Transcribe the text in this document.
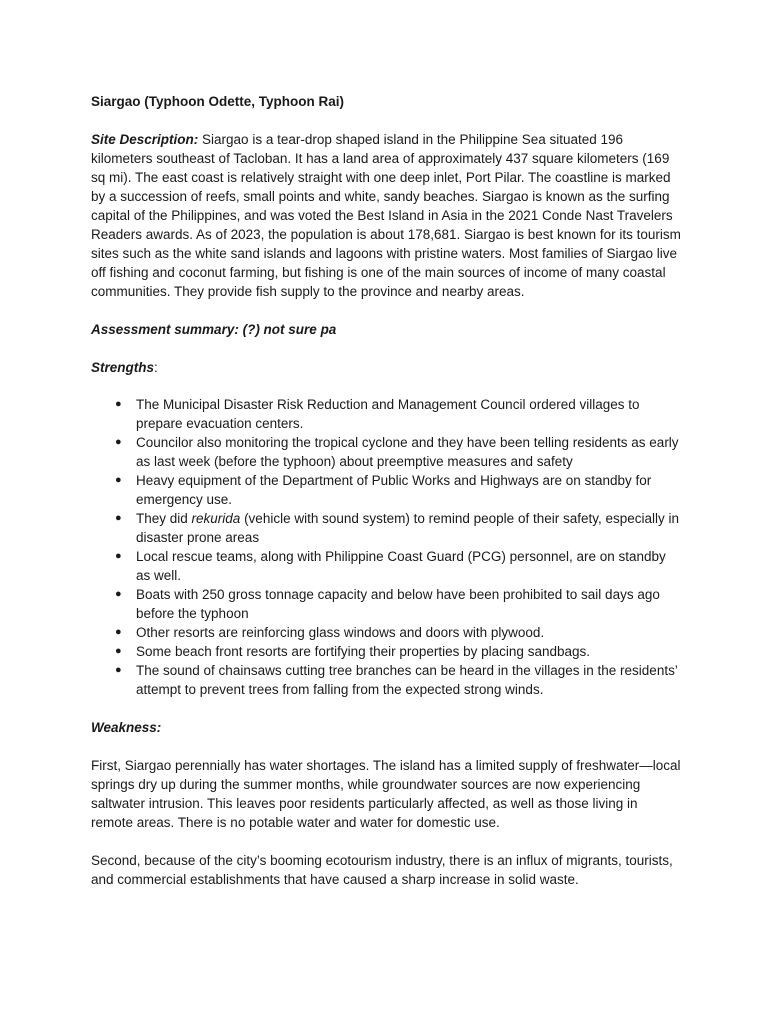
Siargao (Typhoon Odette, Typhoon Rai)

Site Description: Siargao is a tear-drop shaped island in the Philippine Sea situated 196 kilometers southeast of Tacloban. It has a land area of approximately 437 square kilometers (169 sq mi). The east coast is relatively straight with one deep inlet, Port Pilar. The coastline is marked by a succession of reefs, small points and white, sandy beaches. Siargao is known as the surfing capital of the Philippines, and was voted the Best Island in Asia in the 2021 Conde Nast Travelers Readers awards. As of 2023, the population is about 178,681. Siargao is best known for its tourism sites such as the white sand islands and lagoons with pristine waters. Most families of Siargao live off fishing and coconut farming, but fishing is one of the main sources of income of many coastal communities. They provide fish supply to the province and nearby areas.

Assessment summary: (?) not sure pa

Strengths:

● The Municipal Disaster Risk Reduction and Management Council ordered villages to prepare evacuation centers.
● Councilor also monitoring the tropical cyclone and they have been telling residents as early as last week (before the typhoon) about preemptive measures and safety
● Heavy equipment of the Department of Public Works and Highways are on standby for emergency use.
● They did rekurida (vehicle with sound system) to remind people of their safety, especially in disaster prone areas
● Local rescue teams, along with Philippine Coast Guard (PCG) personnel, are on standby as well.
● Boats with 250 gross tonnage capacity and below have been prohibited to sail days ago before the typhoon
● Other resorts are reinforcing glass windows and doors with plywood.
● Some beach front resorts are fortifying their properties by placing sandbags.
● The sound of chainsaws cutting tree branches can be heard in the villages in the residents’ attempt to prevent trees from falling from the expected strong winds.

Weakness:

First, Siargao perennially has water shortages. The island has a limited supply of freshwater—local springs dry up during the summer months, while groundwater sources are now experiencing saltwater intrusion. This leaves poor residents particularly affected, as well as those living in remote areas. There is no potable water and water for domestic use.

Second, because of the city’s booming ecotourism industry, there is an influx of migrants, tourists, and commercial establishments that have caused a sharp increase in solid waste.
